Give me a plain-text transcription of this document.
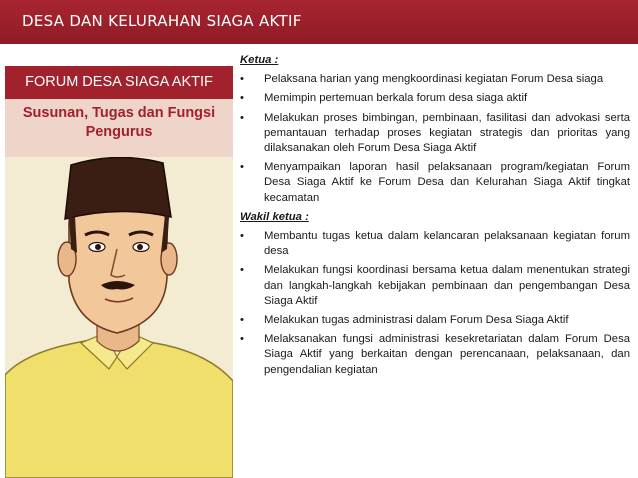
DESA DAN KELURAHAN SIAGA AKTIF
FORUM DESA SIAGA AKTIF
Susunan, Tugas dan Fungsi
Pengurus
Ketua :
• Pelaksana harian yang mengkoordinasi kegiatan Forum Desa siaga
• Memimpin pertemuan berkala forum desa siaga aktif
• Melakukan proses bimbingan, pembinaan, fasilitasi dan advokasi serta pemantauan terhadap proses kegiatan strategis dan prioritas yang dilaksanakan oleh Forum Desa Siaga Aktif
• Menyampaikan laporan hasil pelaksanaan program/kegiatan Forum Desa Siaga Aktif ke Forum Desa dan Kelurahan Siaga Aktif tingkat kecamatan
Wakil ketua :
• Membantu tugas ketua dalam kelancaran pelaksanaan kegiatan forum desa
• Melakukan fungsi koordinasi bersama ketua dalam menentukan strategi dan langkah-langkah kebijakan pembinaan dan pengembangan Desa Siaga Aktif
• Melakukan tugas administrasi dalam Forum Desa Siaga Aktif
• Melaksanakan fungsi administrasi kesekretariatan dalam Forum Desa Siaga Aktif yang berkaitan dengan perencanaan, pelaksanaan, dan pengendalian kegiatan
